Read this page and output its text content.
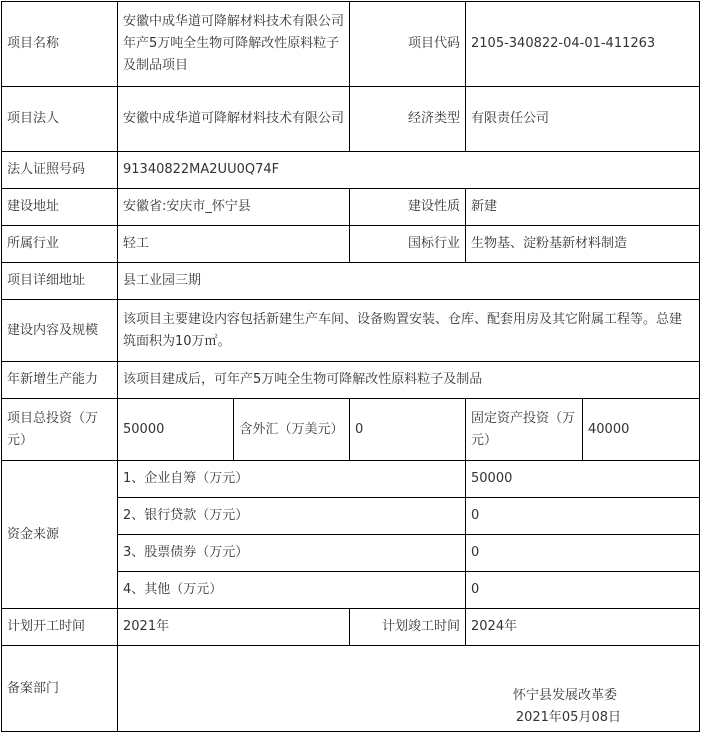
项目名称	安徽中成华道可降解材料技术有限公司年产5万吨全生物可降解改性原料粒子及制品项目		项目代码	2105-340822-04-01-411263	
项目法人	安徽中成华道可降解材料技术有限公司		经济类型	有限责任公司	
法人证照号码	91340822MA2UU0Q74F				
建设地址	安徽省:安庆市_怀宁县		建设性质	新建	
所属行业	轻工		国标行业	生物基、淀粉基新材料制造	
项目详细地址	县工业园三期				
建设内容及规模	该项目主要建设内容包括新建生产车间、设备购置安装、仓库、配套用房及其它附属工程等。总建筑面积为10万㎡。				
年新增生产能力	该项目建成后，可年产5万吨全生物可降解改性原料粒子及制品				
项目总投资（万元）	50000	含外汇（万美元）	0	固定资产投资（万元）	40000
资金来源	1、企业自筹（万元）			50000	
	2、银行贷款（万元）			0	
	3、股票债券（万元）			0	
	4、其他（万元）			0	
计划开工时间	2021年		计划竣工时间	2024年	
备案部门	怀宁县发展改革委
2021年05月08日				
